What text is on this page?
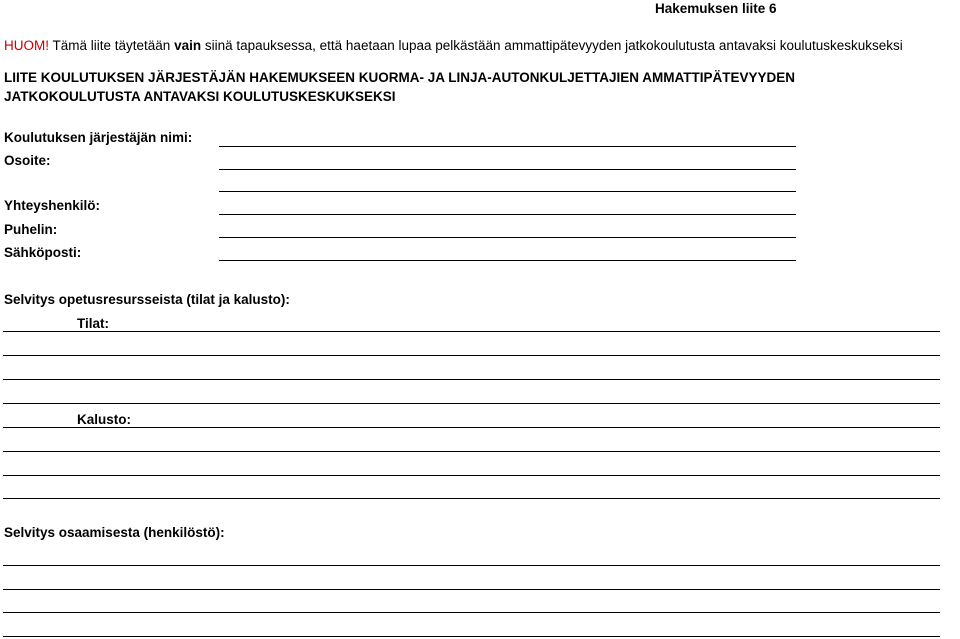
Hakemuksen liite 6
HUOM! Tämä liite täytetään vain siinä tapauksessa, että haetaan lupaa pelkästään ammattipätevyyden jatkokoulutusta antavaksi koulutuskeskukseksi
LIITE KOULUTUKSEN JÄRJESTÄJÄN HAKEMUKSEEN KUORMA- JA LINJA-AUTONKULJETTAJIEN AMMATTIPÄTEVYYDEN
JATKOKOULUTUSTA ANTAVAKSI KOULUTUSKESKUKSEKSI
Koulutuksen järjestäjän nimi:
Osoite:
Yhteyshenkilö:
Puhelin:
Sähköposti:
Selvitys opetusresursseista (tilat ja kalusto):
Tilat:
Kalusto:
Selvitys osaamisesta (henkilöstö):
